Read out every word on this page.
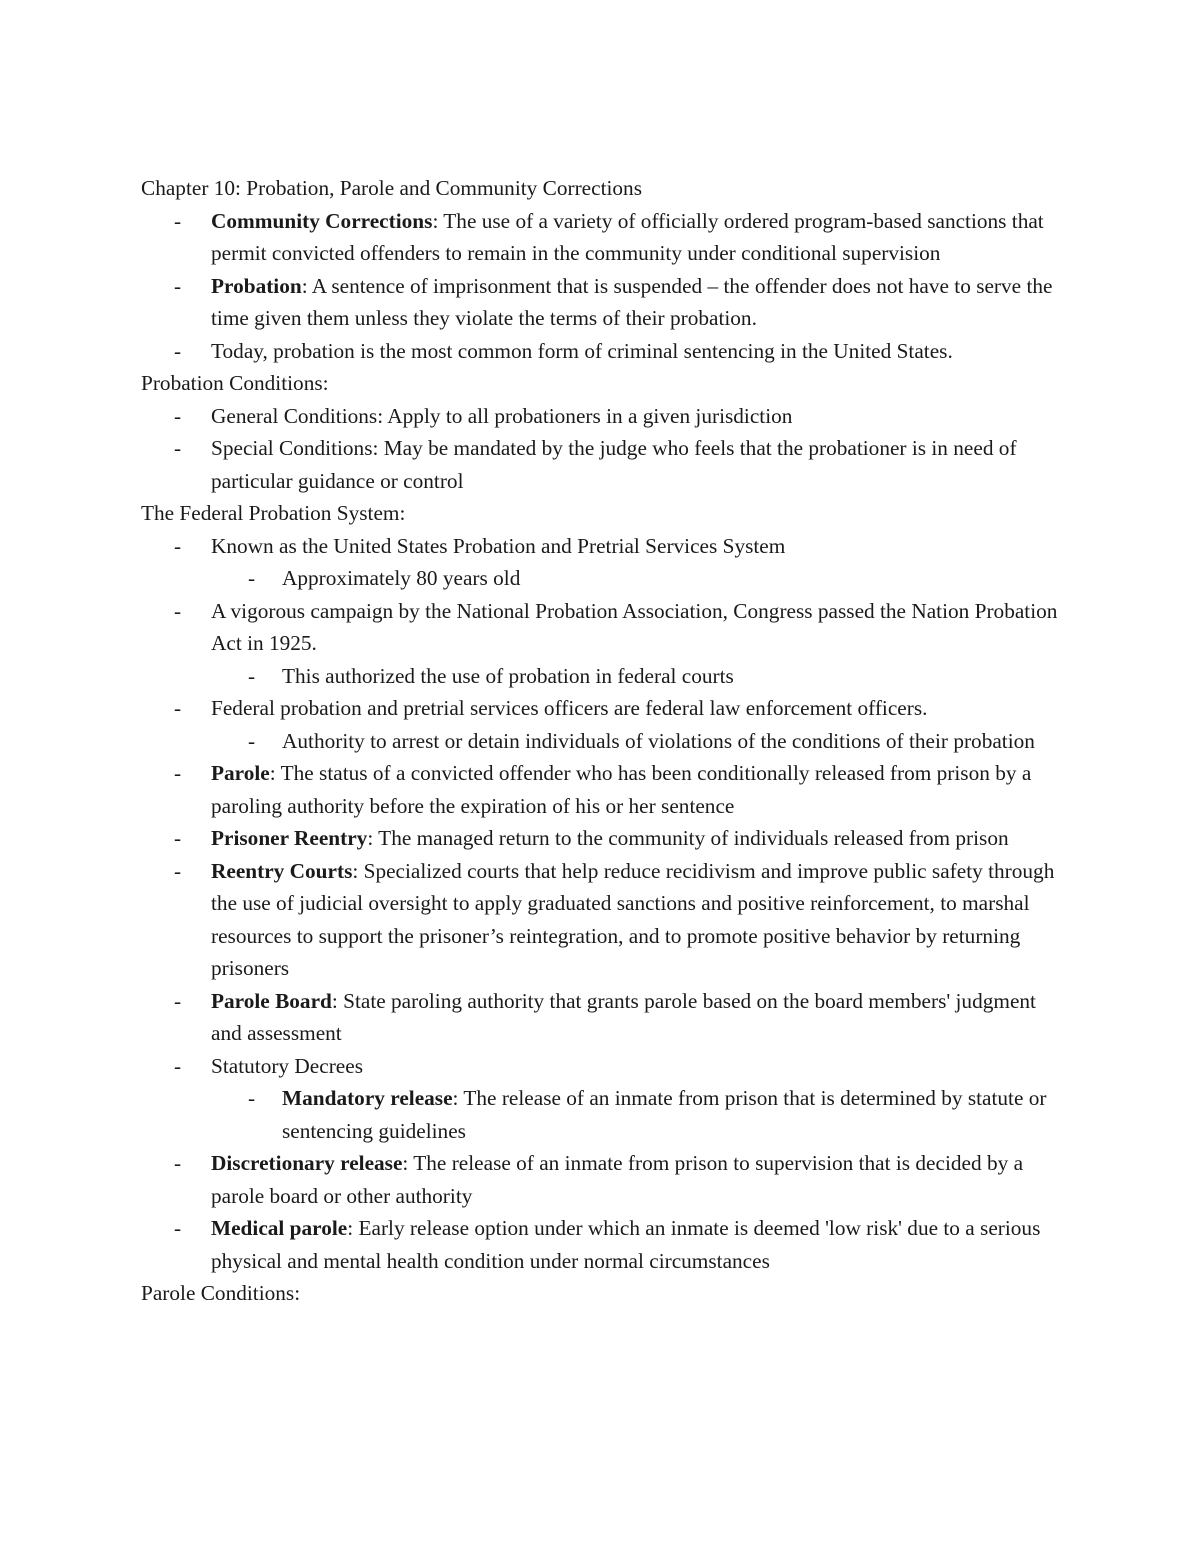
Chapter 10: Probation, Parole and Community Corrections
- Community Corrections: The use of a variety of officially ordered program-based sanctions that permit convicted offenders to remain in the community under conditional supervision
- Probation: A sentence of imprisonment that is suspended – the offender does not have to serve the time given them unless they violate the terms of their probation.
- Today, probation is the most common form of criminal sentencing in the United States.
Probation Conditions:
- General Conditions: Apply to all probationers in a given jurisdiction
- Special Conditions: May be mandated by the judge who feels that the probationer is in need of particular guidance or control
The Federal Probation System:
- Known as the United States Probation and Pretrial Services System
- Approximately 80 years old
- A vigorous campaign by the National Probation Association, Congress passed the Nation Probation Act in 1925.
- This authorized the use of probation in federal courts
- Federal probation and pretrial services officers are federal law enforcement officers.
- Authority to arrest or detain individuals of violations of the conditions of their probation
- Parole: The status of a convicted offender who has been conditionally released from prison by a paroling authority before the expiration of his or her sentence
- Prisoner Reentry: The managed return to the community of individuals released from prison
- Reentry Courts: Specialized courts that help reduce recidivism and improve public safety through the use of judicial oversight to apply graduated sanctions and positive reinforcement, to marshal resources to support the prisoner’s reintegration, and to promote positive behavior by returning prisoners
- Parole Board: State paroling authority that grants parole based on the board members' judgment and assessment
- Statutory Decrees
- Mandatory release: The release of an inmate from prison that is determined by statute or sentencing guidelines
- Discretionary release: The release of an inmate from prison to supervision that is decided by a parole board or other authority
- Medical parole: Early release option under which an inmate is deemed 'low risk' due to a serious physical and mental health condition under normal circumstances
Parole Conditions:
